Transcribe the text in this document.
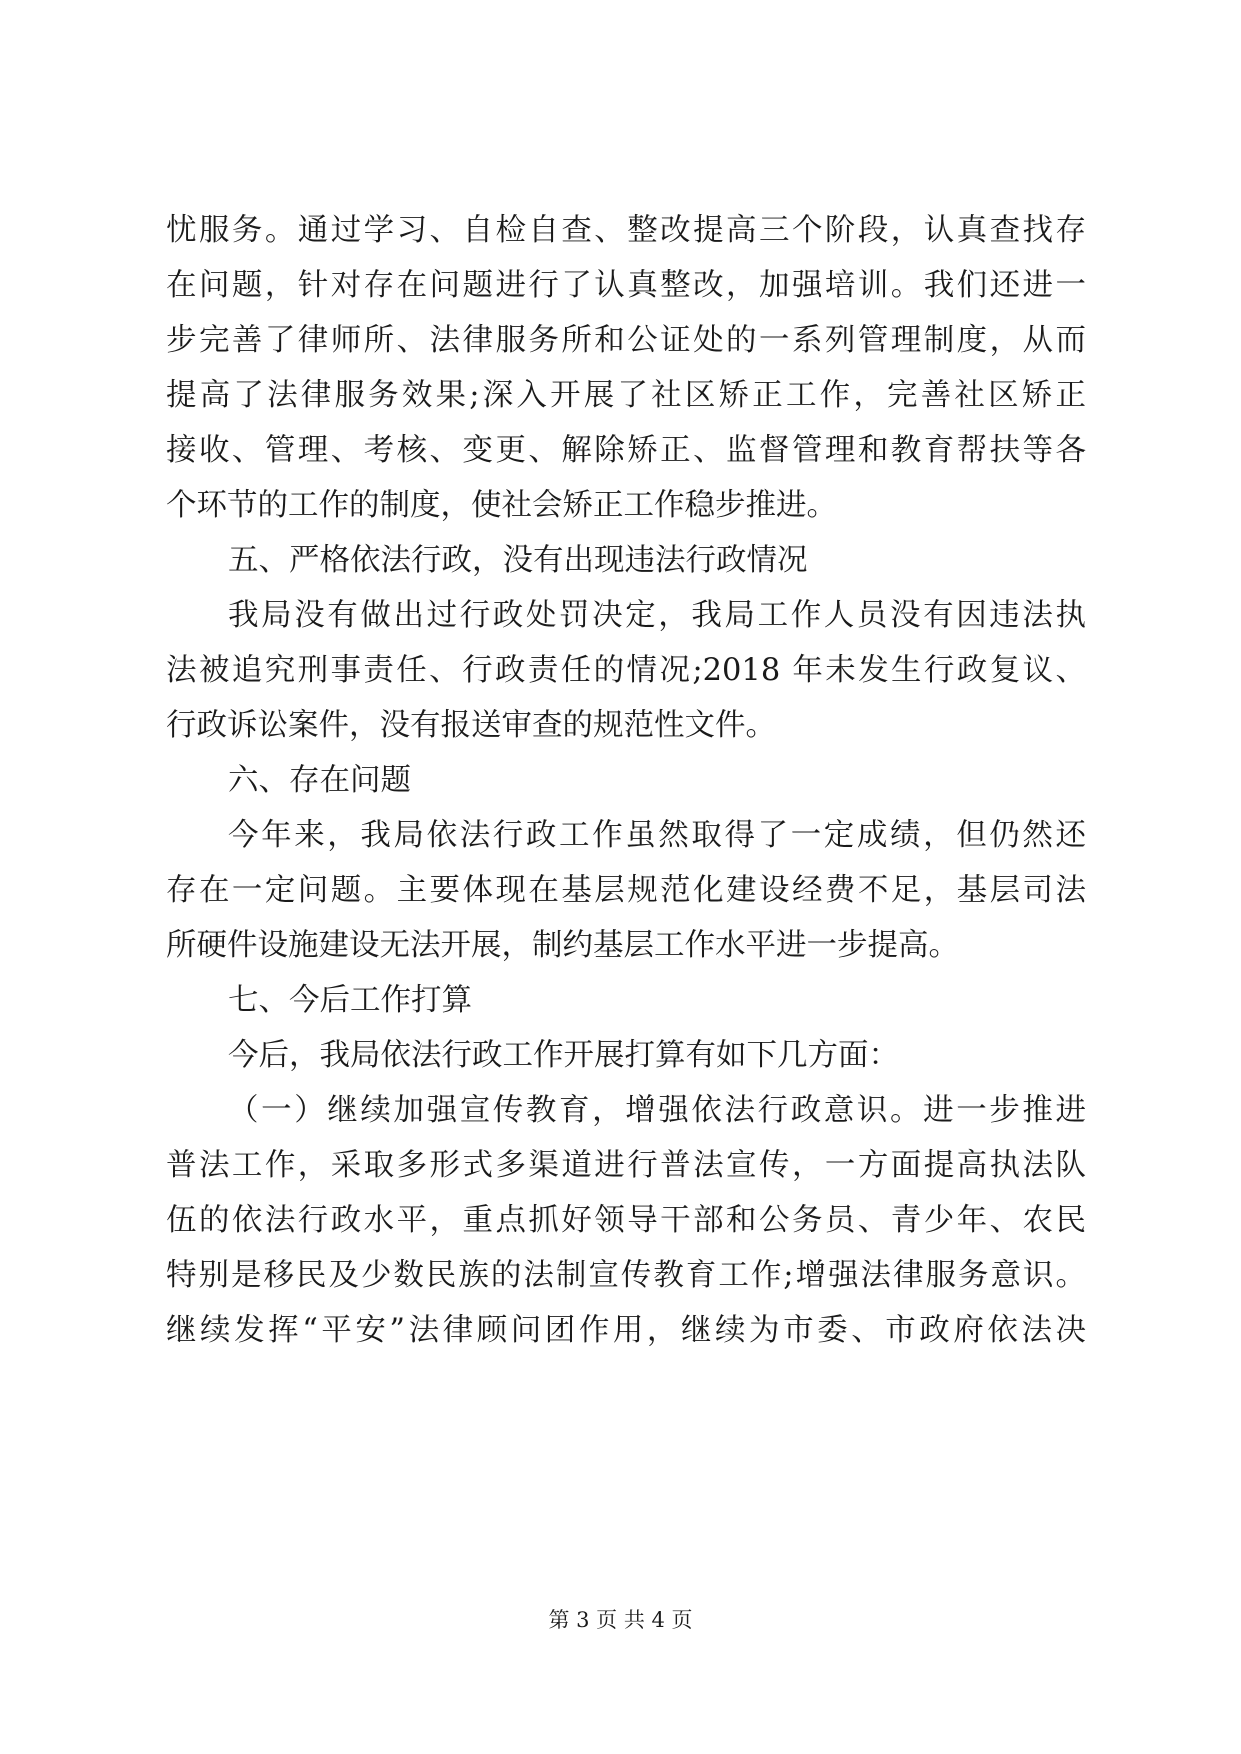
忧服务。通过学习、自检自查、整改提高三个阶段，认真查找存
在问题，针对存在问题进行了认真整改，加强培训。我们还进一
步完善了律师所、法律服务所和公证处的一系列管理制度，从而
提高了法律服务效果;深入开展了社区矫正工作，完善社区矫正
接收、管理、考核、变更、解除矫正、监督管理和教育帮扶等各
个环节的工作的制度，使社会矫正工作稳步推进。
五、严格依法行政，没有出现违法行政情况
我局没有做出过行政处罚决定，我局工作人员没有因违法执
法被追究刑事责任、行政责任的情况;2018 年未发生行政复议、
行政诉讼案件，没有报送审查的规范性文件。
六、存在问题
今年来，我局依法行政工作虽然取得了一定成绩，但仍然还
存在一定问题。主要体现在基层规范化建设经费不足，基层司法
所硬件设施建设无法开展，制约基层工作水平进一步提高。
七、今后工作打算
今后，我局依法行政工作开展打算有如下几方面：
（一）继续加强宣传教育，增强依法行政意识。进一步推进
普法工作，采取多形式多渠道进行普法宣传，一方面提高执法队
伍的依法行政水平，重点抓好领导干部和公务员、青少年、农民
特别是移民及少数民族的法制宣传教育工作;增强法律服务意识。
继续发挥“平安”法律顾问团作用，继续为市委、市政府依法决
第 3 页 共 4 页
